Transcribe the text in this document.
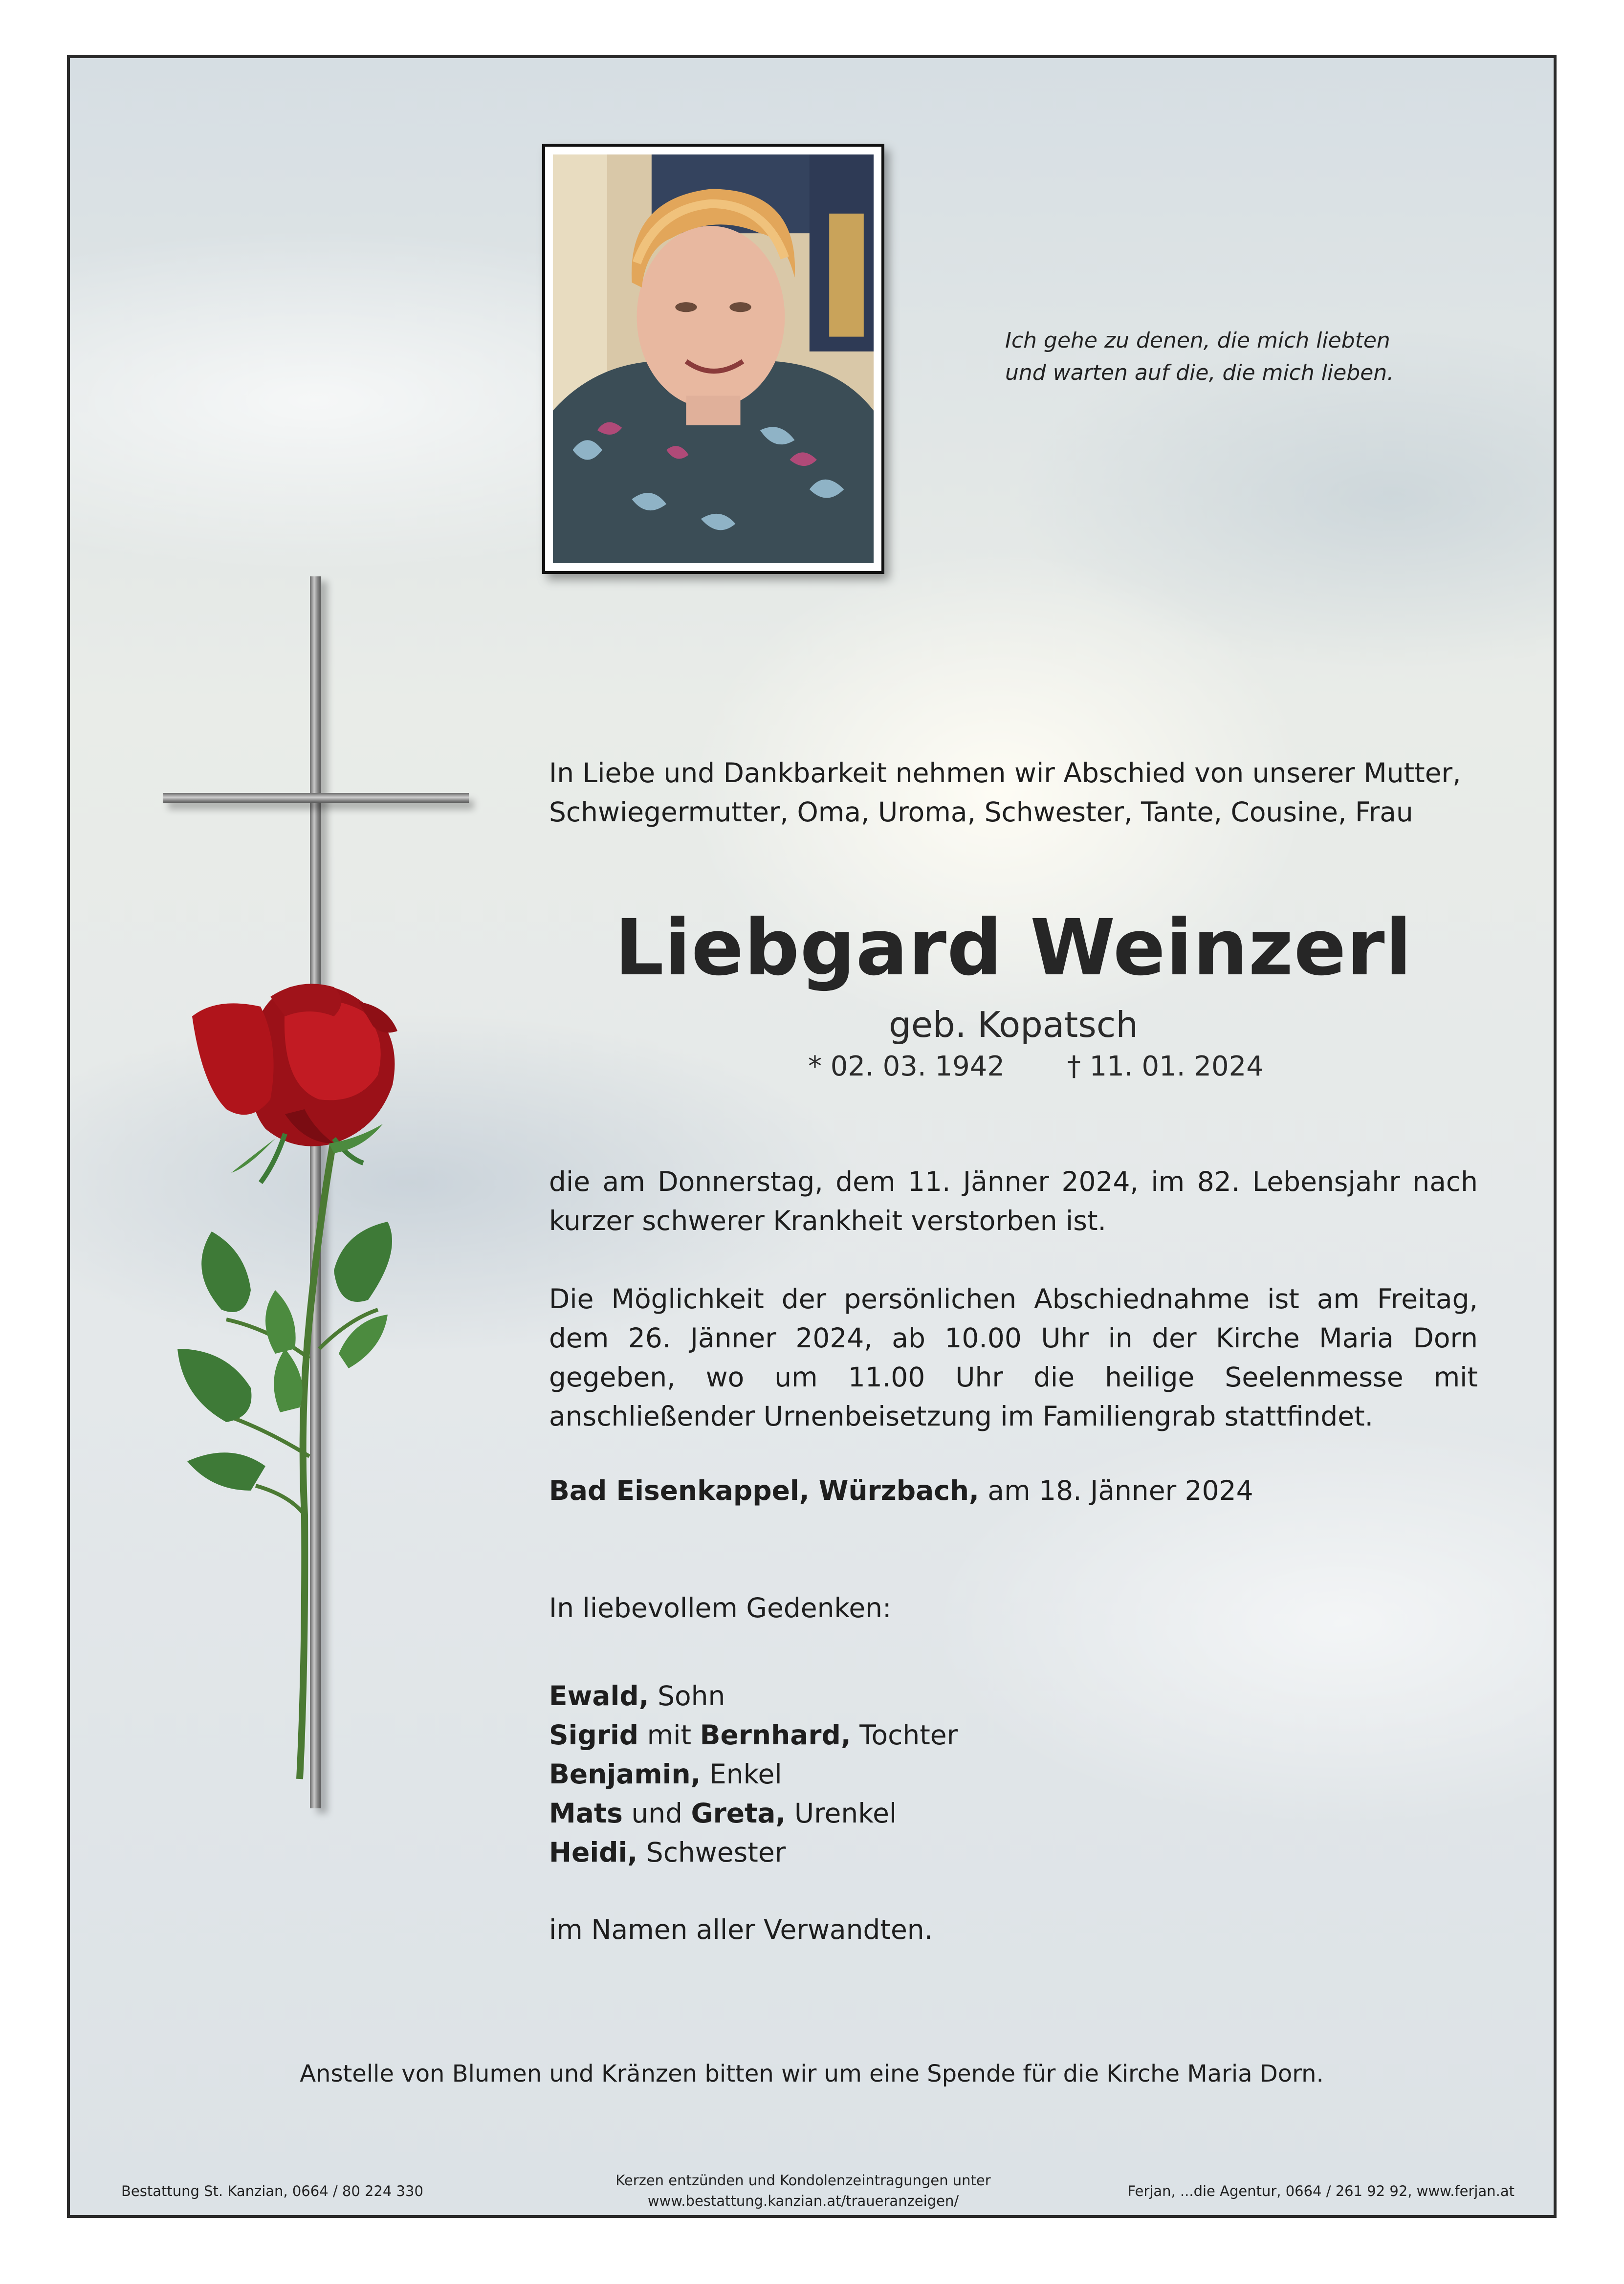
Ich gehe zu denen, die mich liebten
und warten auf die, die mich lieben.
In Liebe und Dankbarkeit nehmen wir Abschied von unserer Mutter,
Schwiegermutter, Oma, Uroma, Schwester, Tante, Cousine, Frau
Liebgard Weinzerl
geb. Kopatsch
* 02. 03. 1942 † 11. 01. 2024
die am Donnerstag, dem 11. Jänner 2024, im 82. Lebensjahr nach kurzer schwerer Krankheit verstorben ist.
Die Möglichkeit der persönlichen Abschiednahme ist am Freitag, dem 26. Jänner 2024, ab 10.00 Uhr in der Kirche Maria Dorn gegeben, wo um 11.00 Uhr die heilige Seelenmesse mit anschließender Urnenbeisetzung im Familiengrab stattfindet.
Bad Eisenkappel, Würzbach, am 18. Jänner 2024
In liebevollem Gedenken:
Ewald, Sohn
Sigrid mit Bernhard, Tochter
Benjamin, Enkel
Mats und Greta, Urenkel
Heidi, Schwester
im Namen aller Verwandten.
Anstelle von Blumen und Kränzen bitten wir um eine Spende für die Kirche Maria Dorn.
Bestattung St. Kanzian, 0664 / 80 224 330
Kerzen entzünden und Kondolenzeintragungen unter
www.bestattung.kanzian.at/traueranzeigen/
Ferjan, ...die Agentur, 0664 / 261 92 92, www.ferjan.at
